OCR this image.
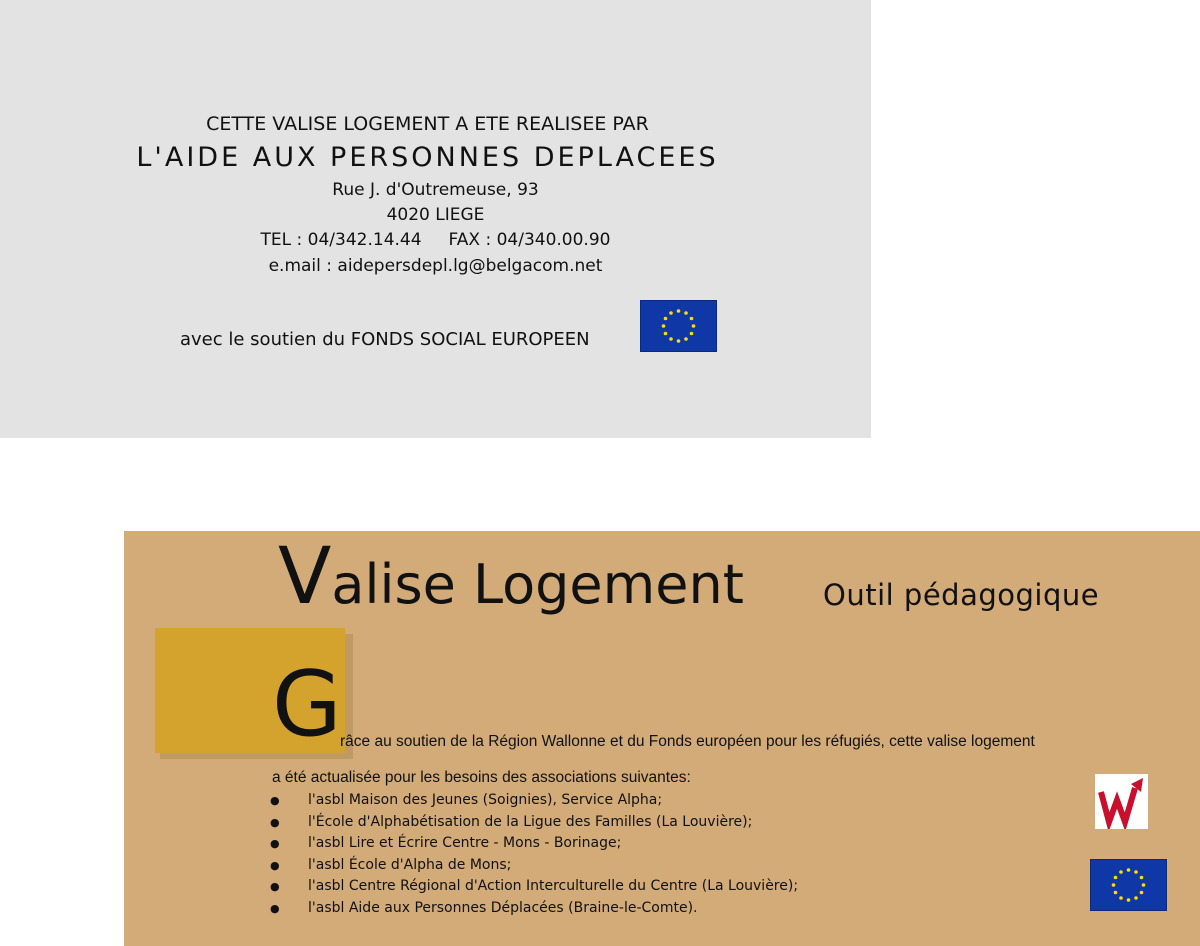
CETTE VALISE LOGEMENT A ETE REALISEE PAR
L'AIDE AUX PERSONNES DEPLACEES
Rue J. d'Outremeuse, 93
4020 LIEGE
TEL : 04/342.14.44     FAX : 04/340.00.90
e.mail : aidepersdepl.lg@belgacom.net
avec le soutien du FONDS SOCIAL EUROPEEN
Valise Logement	Outil pédagogique
G
râce au soutien de la Région Wallonne et du Fonds européen pour les réfugiés, cette valise logement
a été actualisée pour les besoins des associations suivantes:
● l'asbl Maison des Jeunes (Soignies), Service Alpha;
● l'École d'Alphabétisation de la Ligue des Familles (La Louvière);
● l'asbl Lire et Écrire Centre - Mons - Borinage;
● l'asbl École d'Alpha de Mons;
● l'asbl Centre Régional d'Action Interculturelle du Centre (La Louvière);
● l'asbl Aide aux Personnes Déplacées (Braine-le-Comte).
